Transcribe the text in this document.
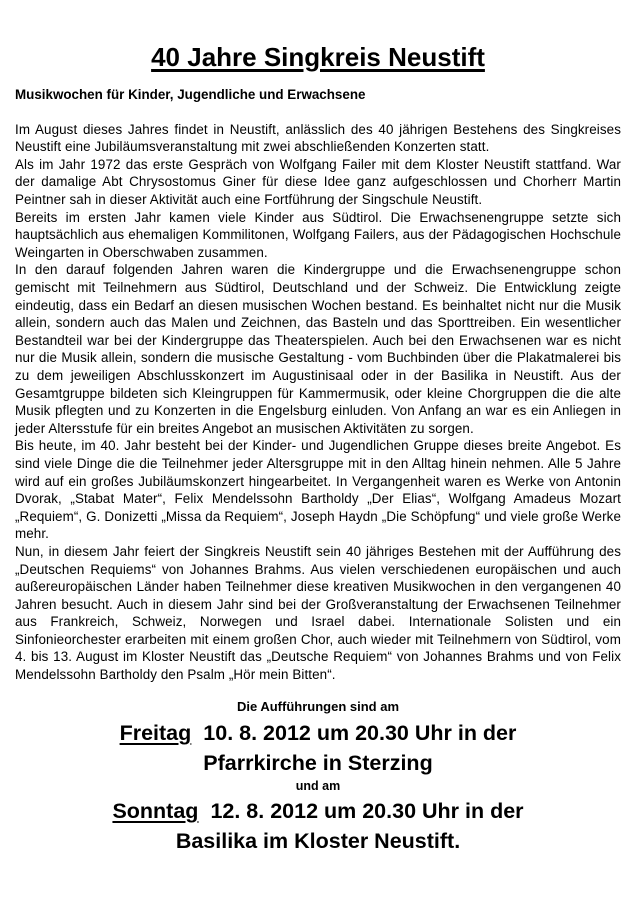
40 Jahre Singkreis Neustift

Musikwochen für Kinder, Jugendliche und Erwachsene

Im August dieses Jahres findet in Neustift, anlässlich des 40 jährigen Bestehens des Singkreises Neustift eine Jubiläumsveranstaltung mit zwei abschließenden Konzerten statt.

Als im Jahr 1972 das erste Gespräch von Wolfgang Failer mit dem Kloster Neustift stattfand. War der damalige Abt Chrysostomus Giner für diese Idee ganz aufgeschlossen und Chorherr Martin Peintner sah in dieser Aktivität auch eine Fortführung der Singschule Neustift.

Bereits im ersten Jahr kamen viele Kinder aus Südtirol. Die Erwachsenengruppe setzte sich hauptsächlich aus ehemaligen Kommilitonen, Wolfgang Failers, aus der Pädagogischen Hochschule Weingarten in Oberschwaben zusammen.

In den darauf folgenden Jahren waren die Kindergruppe und die Erwachsenengruppe schon gemischt mit Teilnehmern aus Südtirol, Deutschland und der Schweiz. Die Entwicklung zeigte eindeutig, dass ein Bedarf an diesen musischen Wochen bestand. Es beinhaltet nicht nur die Musik allein, sondern auch das Malen und Zeichnen, das Basteln und das Sporttreiben. Ein wesentlicher Bestandteil war bei der Kindergruppe das Theaterspielen. Auch bei den Erwachsenen war es nicht nur die Musik allein, sondern die musische Gestaltung - vom Buchbinden über die Plakatmalerei bis zu dem jeweiligen Abschlusskonzert im Augustinisaal oder in der Basilika in Neustift. Aus der Gesamtgruppe bildeten sich Kleingruppen für Kammermusik, oder kleine Chorgruppen die die alte Musik pflegten und zu Konzerten in die Engelsburg einluden. Von Anfang an war es ein Anliegen in jeder Altersstufe für ein breites Angebot an musischen Aktivitäten zu sorgen.

Bis heute, im 40. Jahr besteht bei der Kinder- und Jugendlichen Gruppe dieses breite Angebot. Es sind viele Dinge die die Teilnehmer jeder Altersgruppe mit in den Alltag hinein nehmen. Alle 5 Jahre wird auf ein großes Jubiläumskonzert hingearbeitet. In Vergangenheit waren es Werke von Antonin Dvorak, „Stabat Mater“, Felix Mendelssohn Bartholdy „Der Elias“, Wolfgang Amadeus Mozart „Requiem“, G. Donizetti „Missa da Requiem“, Joseph Haydn „Die Schöpfung“ und viele große Werke mehr.

Nun, in diesem Jahr feiert der Singkreis Neustift sein 40 jähriges Bestehen mit der Aufführung des „Deutschen Requiems“ von Johannes Brahms. Aus vielen verschiedenen europäischen und auch außereuropäischen Länder haben Teilnehmer diese kreativen Musikwochen in den vergangenen 40 Jahren besucht. Auch in diesem Jahr sind bei der Großveranstaltung der Erwachsenen Teilnehmer aus Frankreich, Schweiz, Norwegen und Israel dabei. Internationale Solisten und ein Sinfonieorchester erarbeiten mit einem großen Chor, auch wieder mit Teilnehmern von Südtirol, vom 4. bis 13. August im Kloster Neustift das „Deutsche Requiem“ von Johannes Brahms und von Felix Mendelssohn Bartholdy den Psalm „Hör mein Bitten“.

Die Aufführungen sind am

Freitag 10. 8. 2012 um 20.30 Uhr in der

Pfarrkirche in Sterzing

und am

Sonntag 12. 8. 2012 um 20.30 Uhr in der

Basilika im Kloster Neustift.
